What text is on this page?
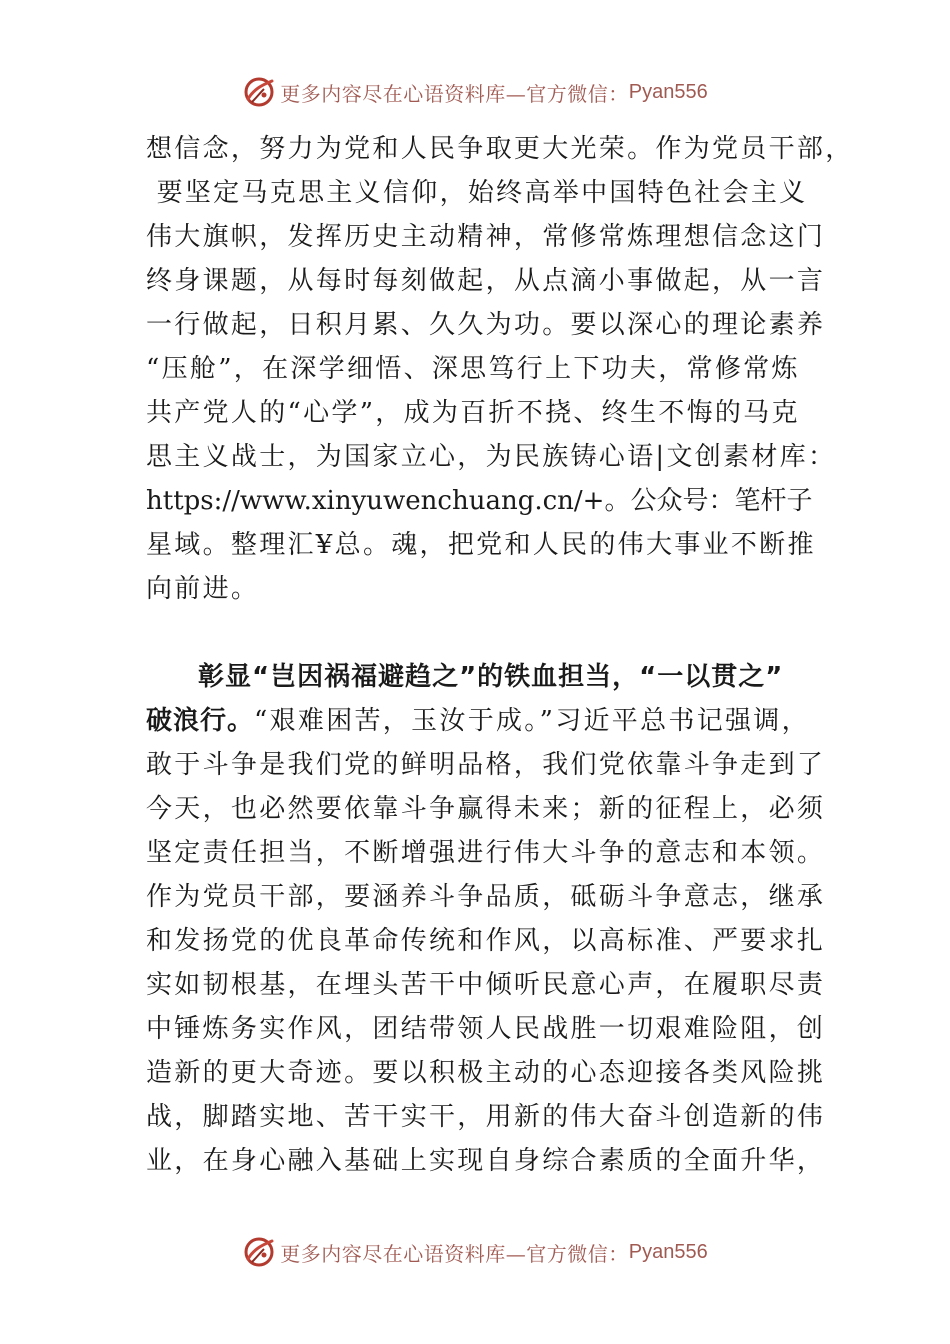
更多内容尽在心语资料库—官方微信： Pyan556
想信念，努力为党和人民争取更大光荣。作为党员干部，
要坚定马克思主义信仰，始终高举中国特色社会主义
伟大旗帜，发挥历史主动精神，常修常炼理想信念这门
终身课题，从每时每刻做起，从点滴小事做起，从一言
一行做起，日积月累、久久为功。要以深心的理论素养
“压舱”，在深学细悟、深思笃行上下功夫，常修常炼
共产党人的“心学”，成为百折不挠、终生不悔的马克
思主义战士，为国家立心，为民族铸心语|文创素材库：
https://www.xinyuwenchuang.cn/+。公众号：笔杆子
星域。整理汇¥总。魂，把党和人民的伟大事业不断推
向前进。
彰显“岂因祸福避趋之”的铁血担当，“一以贯之”
破浪行。“艰难困苦，玉汝于成。”习近平总书记强调，
敢于斗争是我们党的鲜明品格，我们党依靠斗争走到了
今天，也必然要依靠斗争赢得未来；新的征程上，必须
坚定责任担当，不断增强进行伟大斗争的意志和本领。
作为党员干部，要涵养斗争品质，砥砺斗争意志，继承
和发扬党的优良革命传统和作风，以高标准、严要求扎
实如韧根基，在埋头苦干中倾听民意心声，在履职尽责
中锤炼务实作风，团结带领人民战胜一切艰难险阻，创
造新的更大奇迹。要以积极主动的心态迎接各类风险挑
战，脚踏实地、苦干实干，用新的伟大奋斗创造新的伟
业，在身心融入基础上实现自身综合素质的全面升华，
更多内容尽在心语资料库—官方微信： Pyan556
